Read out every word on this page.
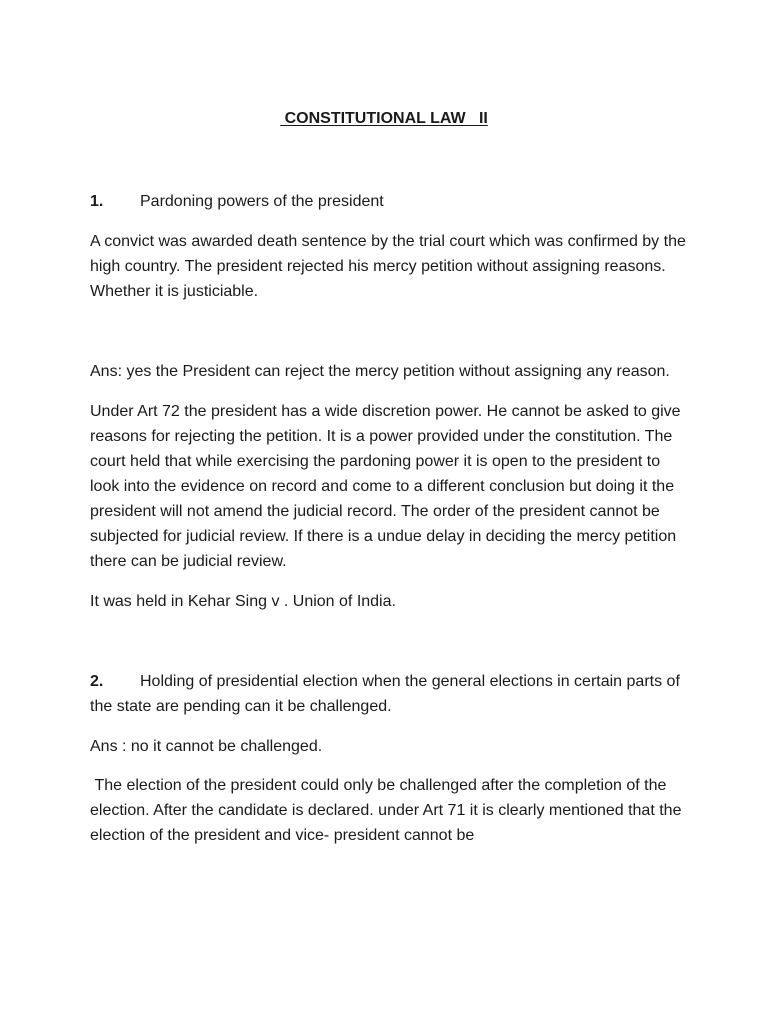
CONSTITUTIONAL LAW   II
1.	Pardoning powers of the president

A convict was awarded death sentence by the trial court which was confirmed by the high country. The president rejected his mercy petition without assigning reasons. Whether it is justiciable.

Ans: yes the President can reject the mercy petition without assigning any reason.

Under Art 72 the president has a wide discretion power. He cannot be asked to give reasons for rejecting the petition. It is a power provided under the constitution. The court held that while exercising the pardoning power it is open to the president to look into the evidence on record and come to a different conclusion but doing it the president will not amend the judicial record. The order of the president cannot be subjected for judicial review. If there is a undue delay in deciding the mercy petition there can be judicial review.

It was held in Kehar Sing v . Union of India.

2.	Holding of presidential election when the general elections in certain parts of the state are pending can it be challenged.

Ans : no it cannot be challenged.

The election of the president could only be challenged after the completion of the election. After the candidate is declared. under Art 71 it is clearly mentioned that the election of the president and vice- president cannot be
